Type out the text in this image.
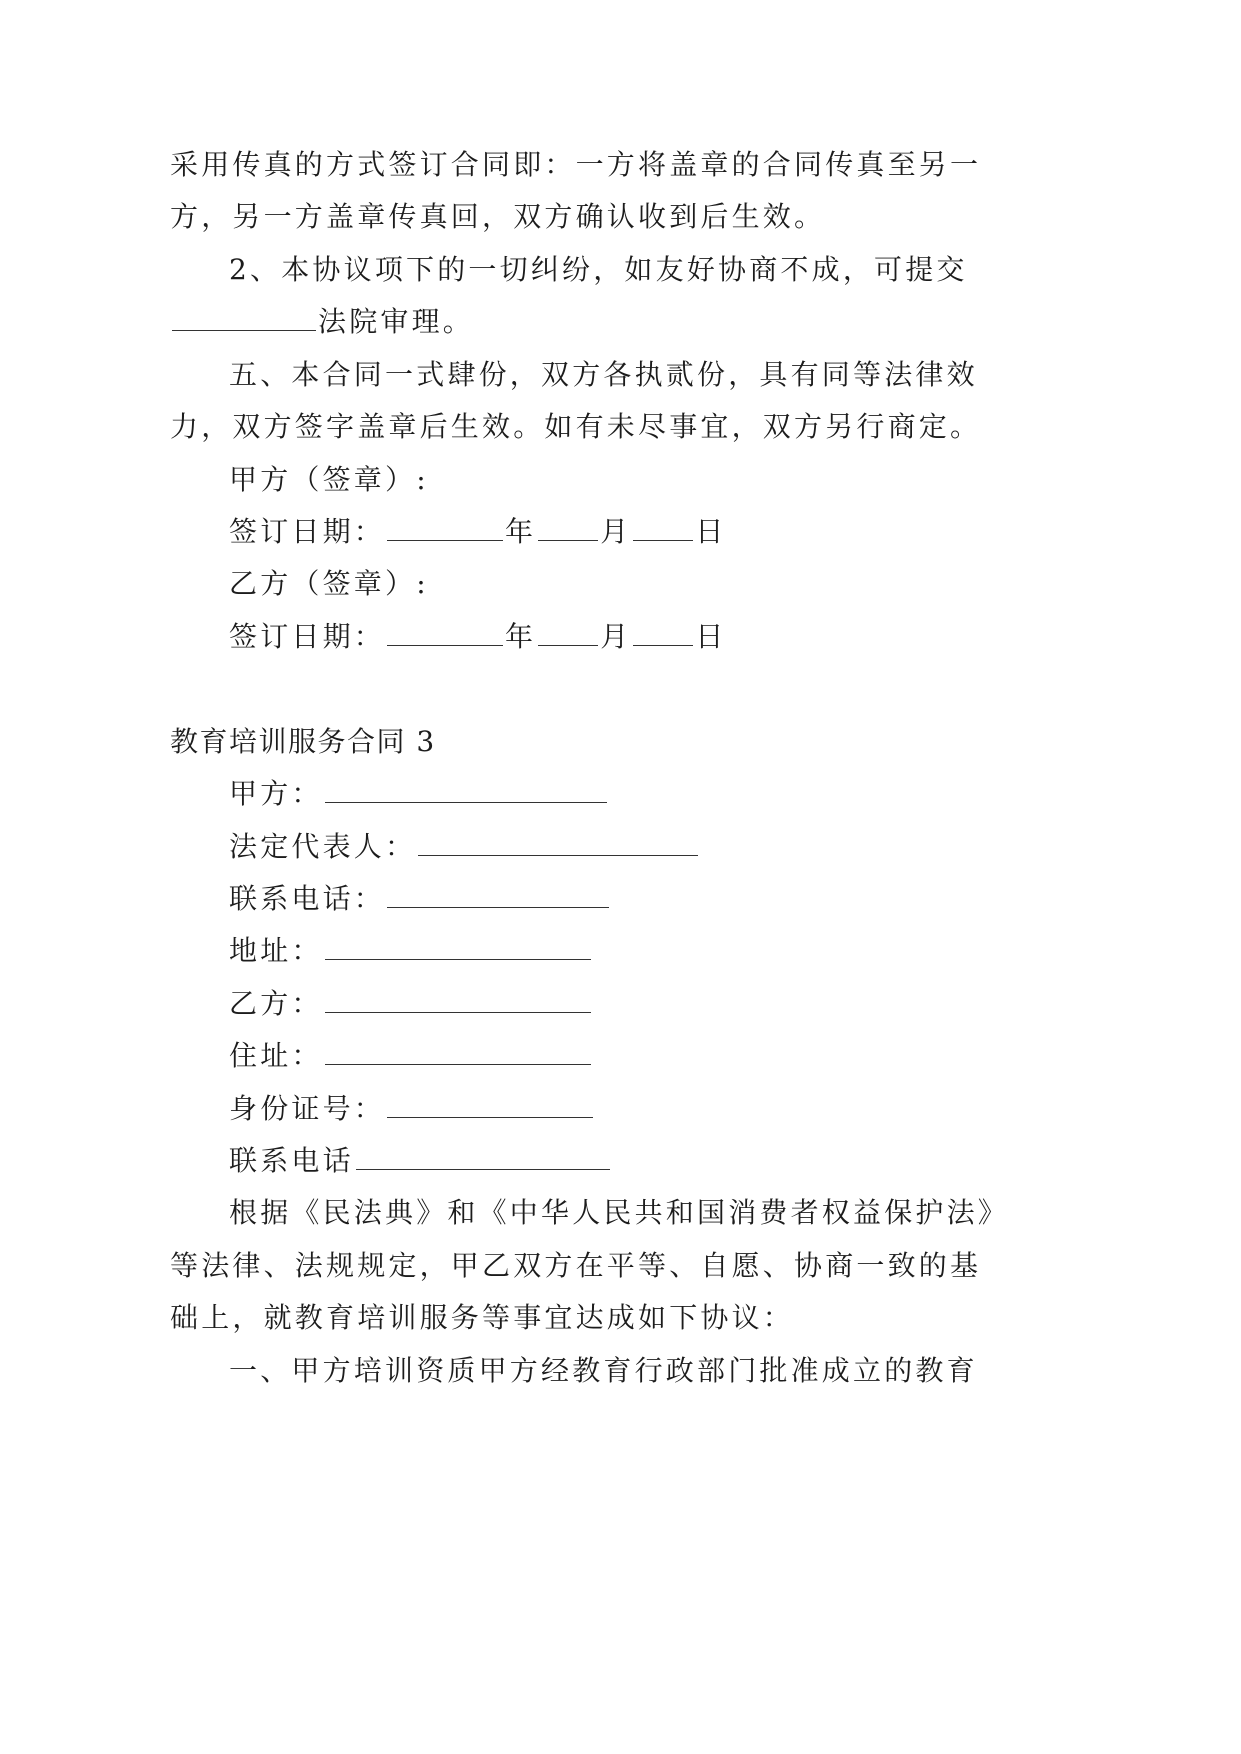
采用传真的方式签订合同即：一方将盖章的合同传真至另一
方，另一方盖章传真回，双方确认收到后生效。
2、本协议项下的一切纠纷，如友好协商不成，可提交
法院审理。
五、本合同一式肆份，双方各执贰份，具有同等法律效
力，双方签字盖章后生效。如有未尽事宜，双方另行商定。
甲方（签章）:
签订日期：	年 月 日
乙方（签章）:
签订日期：	年 月 日
教育培训服务合同 3
甲方：
法定代表人：
联系电话：
地址：
乙方：
住址：
身份证号：
联系电话
根据《民法典》和《中华人民共和国消费者权益保护法》
等法律、法规规定，甲乙双方在平等、自愿、协商一致的基
础上，就教育培训服务等事宜达成如下协议：
一、甲方培训资质甲方经教育行政部门批准成立的教育
